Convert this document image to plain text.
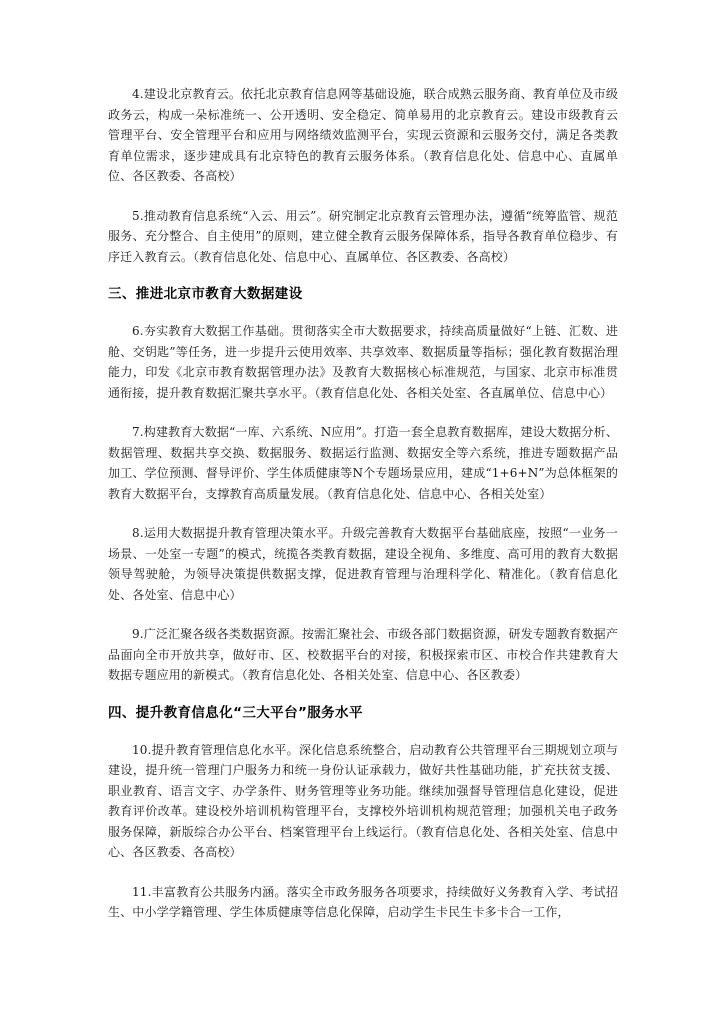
4.建设北京教育云。依托北京教育信息网等基础设施，联合成熟云服务商、教育单位及市级政务云，构成一朵标准统一、公开透明、安全稳定、简单易用的北京教育云。建设市级教育云管理平台、安全管理平台和应用与网络绩效监测平台，实现云资源和云服务交付，满足各类教育单位需求，逐步建成具有北京特色的教育云服务体系。（教育信息化处、信息中心、直属单位、各区教委、各高校）

5.推动教育信息系统“入云、用云”。研究制定北京教育云管理办法，遵循“统筹监管、规范服务、充分整合、自主使用”的原则，建立健全教育云服务保障体系，指导各教育单位稳步、有序迁入教育云。（教育信息化处、信息中心、直属单位、各区教委、各高校）

三、推进北京市教育大数据建设

6.夯实教育大数据工作基础。贯彻落实全市大数据要求，持续高质量做好“上链、汇数、进舱、交钥匙”等任务，进一步提升云使用效率、共享效率、数据质量等指标；强化教育数据治理能力，印发《北京市教育数据管理办法》及教育大数据核心标准规范，与国家、北京市标准贯通衔接，提升教育数据汇聚共享水平。（教育信息化处、各相关处室、各直属单位、信息中心）

7.构建教育大数据“一库、六系统、N应用”。打造一套全息教育数据库，建设大数据分析、数据管理、数据共享交换、数据服务、数据运行监测、数据安全等六系统，推进专题数据产品加工、学位预测、督导评价、学生体质健康等N个专题场景应用，建成“1+6+N”为总体框架的教育大数据平台，支撑教育高质量发展。（教育信息化处、信息中心、各相关处室）

8.运用大数据提升教育管理决策水平。升级完善教育大数据平台基础底座，按照“一业务一场景、一处室一专题”的模式，统揽各类教育数据，建设全视角、多维度、高可用的教育大数据领导驾驶舱，为领导决策提供数据支撑，促进教育管理与治理科学化、精准化。（教育信息化处、各处室、信息中心）

9.广泛汇聚各级各类数据资源。按需汇聚社会、市级各部门数据资源，研发专题教育数据产品面向全市开放共享，做好市、区、校数据平台的对接，积极探索市区、市校合作共建教育大数据专题应用的新模式。（教育信息化处、各相关处室、信息中心、各区教委）

四、提升教育信息化“三大平台”服务水平

10.提升教育管理信息化水平。深化信息系统整合，启动教育公共管理平台三期规划立项与建设，提升统一管理门户服务力和统一身份认证承载力，做好共性基础功能，扩充扶贫支援、职业教育、语言文字、办学条件、财务管理等业务功能。继续加强督导管理信息化建设，促进教育评价改革。建设校外培训机构管理平台，支撑校外培训机构规范管理；加强机关电子政务服务保障，新版综合办公平台、档案管理平台上线运行。（教育信息化处、各相关处室、信息中心、各区教委、各高校）

11.丰富教育公共服务内涵。落实全市政务服务各项要求，持续做好义务教育入学、考试招生、中小学学籍管理、学生体质健康等信息化保障，启动学生卡民生卡多卡合一工作，
